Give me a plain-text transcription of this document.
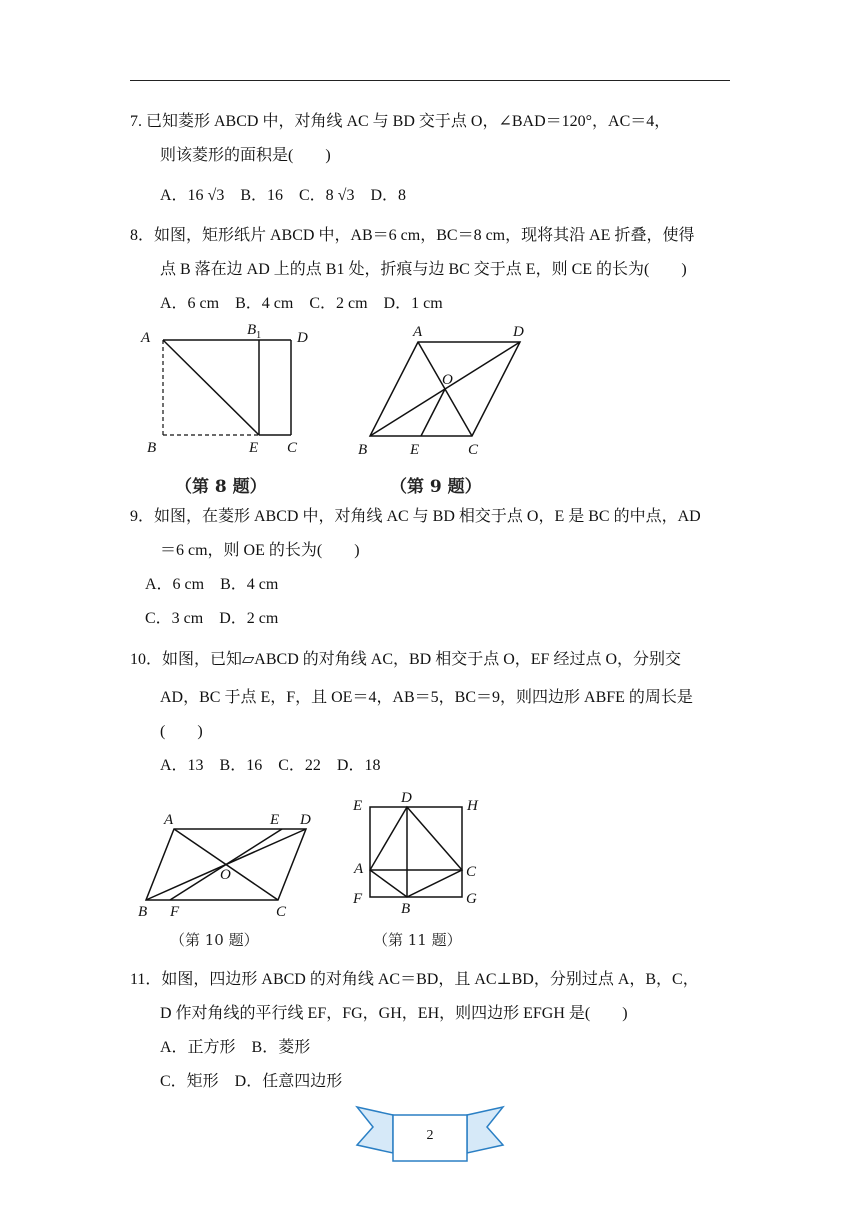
7. 已知菱形 ABCD 中，对角线 AC 与 BD 交于点 O，∠BAD＝120°，AC＝4，
则该菱形的面积是(　　)
A．16 √3　B．16　C．8 √3　D．8
8．如图，矩形纸片 ABCD 中，AB＝6 cm，BC＝8 cm，现将其沿 AE 折叠，使得
点 B 落在边 AD 上的点 B1 处，折痕与边 BC 交于点 E，则 CE 的长为(　　)
A．6 cm　B．4 cm　C．2 cm　D．1 cm
A	$B_1$ D
B	E C
（第 8 题）
A	D
O
B	E	C
（第 9 题）
9．如图，在菱形 ABCD 中，对角线 AC 与 BD 相交于点 O，E 是 BC 的中点，AD
＝6 cm，则 OE 的长为(　　)
A．6 cm　B．4 cm
C．3 cm　D．2 cm
10．如图，已知▱ABCD 的对角线 AC，BD 相交于点 O，EF 经过点 O，分别交
AD，BC 于点 E，F，且 OE＝4，AB＝5，BC＝9，则四边形 ABFE 的周长是
(　　)
A．13　B．16　C．22　D．18
A	E D
O
B F	C
（第 10 题）
E	D	H
A	C
F
B
G
（第 11 题）
11．如图，四边形 ABCD 的对角线 AC＝BD，且 AC⊥BD，分别过点 A，B，C，
D 作对角线的平行线 EF，FG，GH，EH，则四边形 EFGH 是(　　)
A．正方形　B．菱形
C．矩形　D．任意四边形
2
